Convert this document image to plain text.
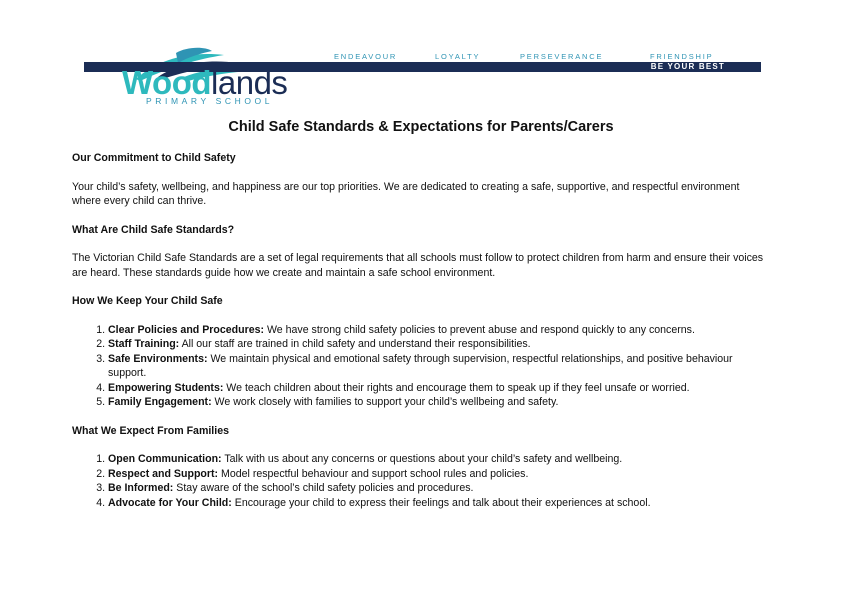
ENDEAVOUR	LOYALTY	PERSEVERANCE	FRIENDSHIP
BE YOUR BEST
Woodlands
PRIMARY SCHOOL
Child Safe Standards & Expectations for Parents/Carers
Our Commitment to Child Safety

Your child’s safety, wellbeing, and happiness are our top priorities. We are dedicated to creating a safe, supportive, and respectful environment where every child can thrive.

What Are Child Safe Standards?

The Victorian Child Safe Standards are a set of legal requirements that all schools must follow to protect children from harm and ensure their voices are heard. These standards guide how we create and maintain a safe school environment.

How We Keep Your Child Safe
1. Clear Policies and Procedures: We have strong child safety policies to prevent abuse and respond quickly to any concerns.
2. Staff Training: All our staff are trained in child safety and understand their responsibilities.
3. Safe Environments: We maintain physical and emotional safety through supervision, respectful relationships, and positive behaviour support.
4. Empowering Students: We teach children about their rights and encourage them to speak up if they feel unsafe or worried.
5. Family Engagement: We work closely with families to support your child’s wellbeing and safety.
What We Expect From Families
1. Open Communication: Talk with us about any concerns or questions about your child’s safety and wellbeing.
2. Respect and Support: Model respectful behaviour and support school rules and policies.
3. Be Informed: Stay aware of the school’s child safety policies and procedures.
4. Advocate for Your Child: Encourage your child to express their feelings and talk about their experiences at school.
